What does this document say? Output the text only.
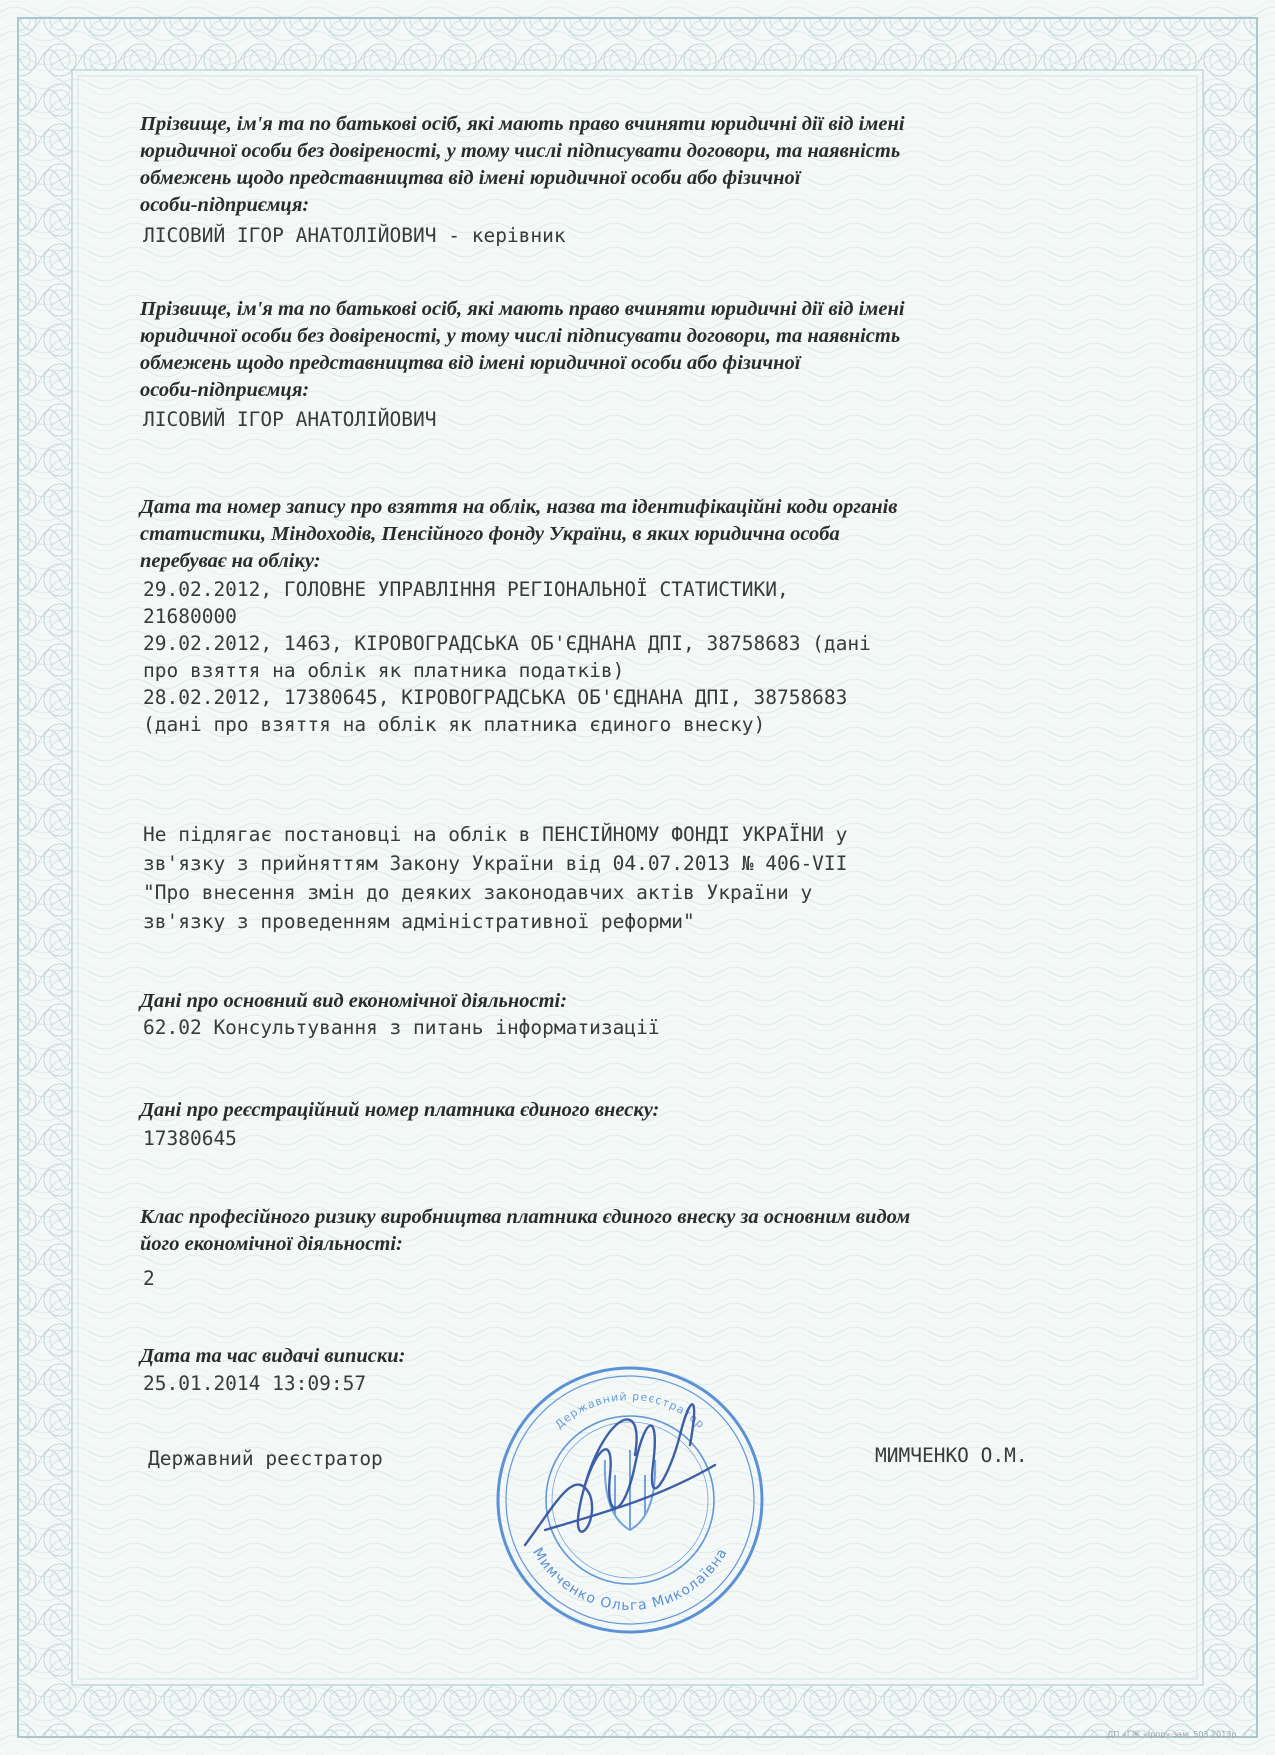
Прізвище, ім'я та по батькові осіб, які мають право вчиняти юридичні дії від імені
юридичної особи без довіреності, у тому числі підписувати договори, та наявність
обмежень щодо представництва від імені юридичної особи або фізичної
особи-підприємця:
ЛІСОВИЙ ІГОР АНАТОЛІЙОВИЧ - керівник
Прізвище, ім'я та по батькові осіб, які мають право вчиняти юридичні дії від імені
юридичної особи без довіреності, у тому числі підписувати договори, та наявність
обмежень щодо представництва від імені юридичної особи або фізичної
особи-підприємця:
ЛІСОВИЙ ІГОР АНАТОЛІЙОВИЧ
Дата та номер запису про взяття на облік, назва та ідентифікаційні коди органів
статистики, Міндоходів, Пенсійного фонду України, в яких юридична особа
перебуває на обліку:
29.02.2012, ГОЛОВНЕ УПРАВЛІННЯ РЕГІОНАЛЬНОЇ СТАТИСТИКИ,
21680000
29.02.2012, 1463, КІРОВОГРАДСЬКА ОБ'ЄДНАНА ДПІ, 38758683 (дані
про взяття на облік як платника податків)
28.02.2012, 17380645, КІРОВОГРАДСЬКА ОБ'ЄДНАНА ДПІ, 38758683
(дані про взяття на облік як платника єдиного внеску)
Не підлягає постановці на облік в ПЕНСІЙНОМУ ФОНДІ УКРАЇНИ у
зв'язку з прийняттям Закону України від 04.07.2013 № 406-VII
"Про внесення змін до деяких законодавчих актів України у
зв'язку з проведенням адміністративної реформи"
Дані про основний вид економічної діяльності:
62.02 Консультування з питань інформатизації
Дані про реєстраційний номер платника єдиного внеску:
17380645
Клас професійного ризику виробництва платника єдиного внеску за основним видом
його економічної діяльності:
2
Дата та час видачі виписки:
25.01.2014 13:09:57
Державний реєстратор	МИМЧЕНКО О.М.
Мимченко Ольга Миколаївна
Державний реєстратор
ДП «ГЖ «Ірпр» зам. 503 2013р.
